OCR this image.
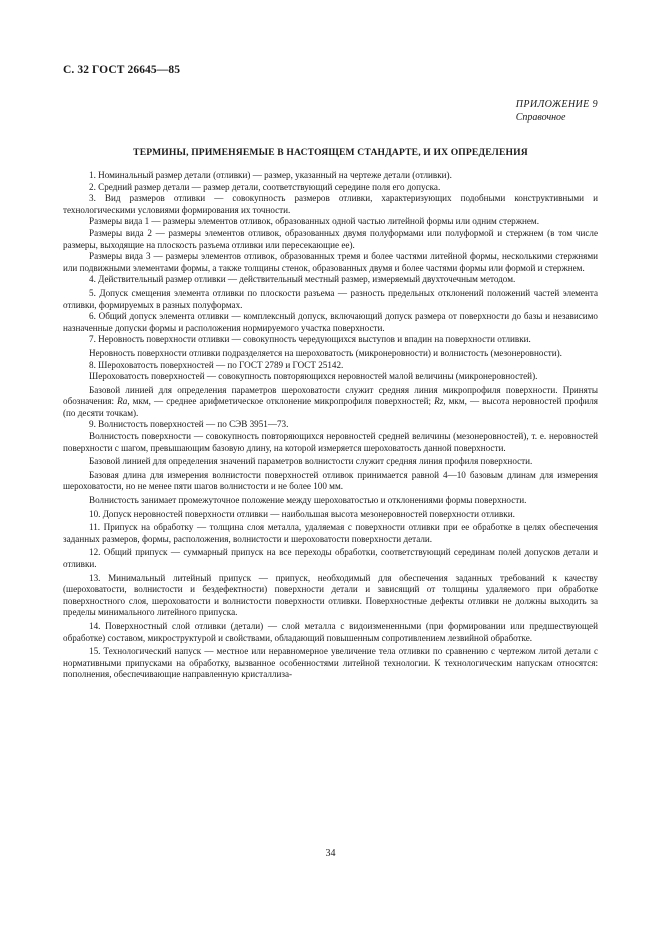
С. 32 ГОСТ 26645—85
ПРИЛОЖЕНИЕ 9
Справочное
ТЕРМИНЫ, ПРИМЕНЯЕМЫЕ В НАСТОЯЩЕМ СТАНДАРТЕ, И ИХ ОПРЕДЕЛЕНИЯ

1. Номинальный размер детали (отливки) — размер, указанный на чертеже детали (отливки).

2. Средний размер детали — размер детали, соответствующий середине поля его допуска.

3. Вид размеров отливки — совокупность размеров отливки, характеризующих подобными конструктивными и технологическими условиями формирования их точности.

Размеры вида 1 — размеры элементов отливок, образованных одной частью литейной формы или одним стержнем.

Размеры вида 2 — размеры элементов отливок, образованных двумя полуформами или полуформой и стержнем (в том числе размеры, выходящие на плоскость разъема отливки или пересекающие ее).

Размеры вида 3 — размеры элементов отливок, образованных тремя и более частями литейной формы, несколькими стержнями или подвижными элементами формы, а также толщины стенок, образованных двумя и более частями формы или формой и стержнем.

4. Действительный размер отливки — действительный местный размер, измеряемый двухточечным методом.

5. Допуск смещения элемента отливки по плоскости разъема — разность предельных отклонений положений частей элемента отливки, формируемых в разных полуформах.

6. Общий допуск элемента отливки — комплексный допуск, включающий допуск размера от поверхности до базы и независимо назначенные допуски формы и расположения нормируемого участка поверхности.

7. Неровность поверхности отливки — совокупность чередующихся выступов и впадин на поверхности отливки.

Неровность поверхности отливки подразделяется на шероховатость (микронеровности) и волнистость (мезонеровности).

8. Шероховатость поверхностей — по ГОСТ 2789 и ГОСТ 25142.

Шероховатость поверхностей — совокупность повторяющихся неровностей малой величины (микронеровностей).

Базовой линией для определения параметров шероховатости служит средняя линия микропрофиля поверхности. Приняты обозначения: Ra, мкм, — среднее арифметическое отклонение микропрофиля поверхностей; Rz, мкм, — высота неровностей профиля (по десяти точкам).

9. Волнистость поверхностей — по СЭВ 3951—73.

Волнистость поверхности — совокупность повторяющихся неровностей средней величины (мезонеровностей), т. е. неровностей поверхности с шагом, превышающим базовую длину, на которой измеряется шероховатость данной поверхности.

Базовой линией для определения значений параметров волнистости служит средняя линия профиля поверхности.

Базовая длина для измерения волнистости поверхностей отливок принимается равной 4—10 базовым длинам для измерения шероховатости, но не менее пяти шагов волнистости и не более 100 мм.

Волнистость занимает промежуточное положение между шероховатостью и отклонениями формы поверхности.

10. Допуск неровностей поверхности отливки — наибольшая высота мезонеровностей поверхности отливки.

11. Припуск на обработку — толщина слоя металла, удаляемая с поверхности отливки при ее обработке в целях обеспечения заданных размеров, формы, расположения, волнистости и шероховатости поверхности детали.

12. Общий припуск — суммарный припуск на все переходы обработки, соответствующий серединам полей допусков детали и отливки.

13. Минимальный литейный припуск — припуск, необходимый для обеспечения заданных требований к качеству (шероховатости, волнистости и бездефектности) поверхности детали и зависящий от толщины удаляемого при обработке поверхностного слоя, шероховатости и волнистости поверхности отливки. Поверхностные дефекты отливки не должны выходить за пределы минимального литейного припуска.

14. Поверхностный слой отливки (детали) — слой металла с видоизмененными (при формировании или предшествующей обработке) составом, микроструктурой и свойствами, обладающий повышенным сопротивлением лезвийной обработке.

15. Технологический напуск — местное или неравномерное увеличение тела отливки по сравнению с чертежом литой детали с нормативными припусками на обработку, вызванное особенностями литейной технологии. К технологическим напускам относятся: пополнения, обеспечивающие направленную кристаллиза-

34
